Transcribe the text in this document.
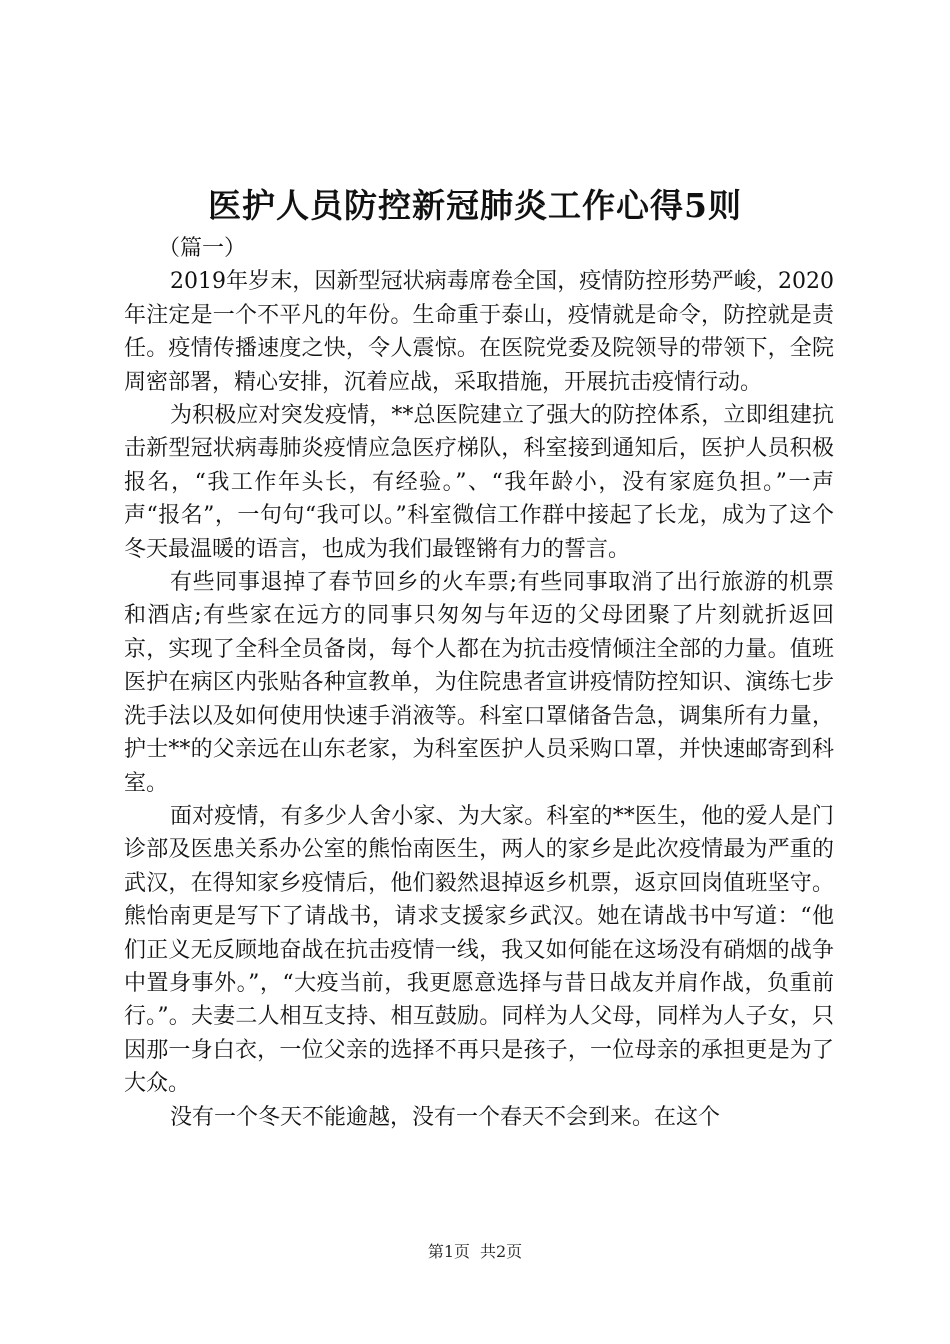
医护人员防控新冠肺炎工作心得5则

（篇一）

2019年岁末，因新型冠状病毒席卷全国，疫情防控形势严峻，2020年注定是一个不平凡的年份。生命重于泰山，疫情就是命令，防控就是责任。疫情传播速度之快，令人震惊。在医院党委及院领导的带领下，全院周密部署，精心安排，沉着应战，采取措施，开展抗击疫情行动。

为积极应对突发疫情，**总医院建立了强大的防控体系，立即组建抗击新型冠状病毒肺炎疫情应急医疗梯队，科室接到通知后，医护人员积极报名，“我工作年头长，有经验。”、“我年龄小，没有家庭负担。”一声声“报名”，一句句“我可以。”科室微信工作群中接起了长龙，成为了这个冬天最温暖的语言，也成为我们最铿锵有力的誓言。

有些同事退掉了春节回乡的火车票;有些同事取消了出行旅游的机票和酒店;有些家在远方的同事只匆匆与年迈的父母团聚了片刻就折返回京，实现了全科全员备岗，每个人都在为抗击疫情倾注全部的力量。值班医护在病区内张贴各种宣教单，为住院患者宣讲疫情防控知识、演练七步洗手法以及如何使用快速手消液等。科室口罩储备告急，调集所有力量，护士**的父亲远在山东老家，为科室医护人员采购口罩，并快速邮寄到科室。

面对疫情，有多少人舍小家、为大家。科室的**医生，他的爱人是门诊部及医患关系办公室的熊怡南医生，两人的家乡是此次疫情最为严重的武汉，在得知家乡疫情后，他们毅然退掉返乡机票，返京回岗值班坚守。熊怡南更是写下了请战书，请求支援家乡武汉。她在请战书中写道：“他们正义无反顾地奋战在抗击疫情一线，我又如何能在这场没有硝烟的战争中置身事外。”，“大疫当前，我更愿意选择与昔日战友并肩作战，负重前行。”。夫妻二人相互支持、相互鼓励。同样为人父母，同样为人子女，只因那一身白衣，一位父亲的选择不再只是孩子，一位母亲的承担更是为了大众。

没有一个冬天不能逾越，没有一个春天不会到来。在这个

第1页 共2页
